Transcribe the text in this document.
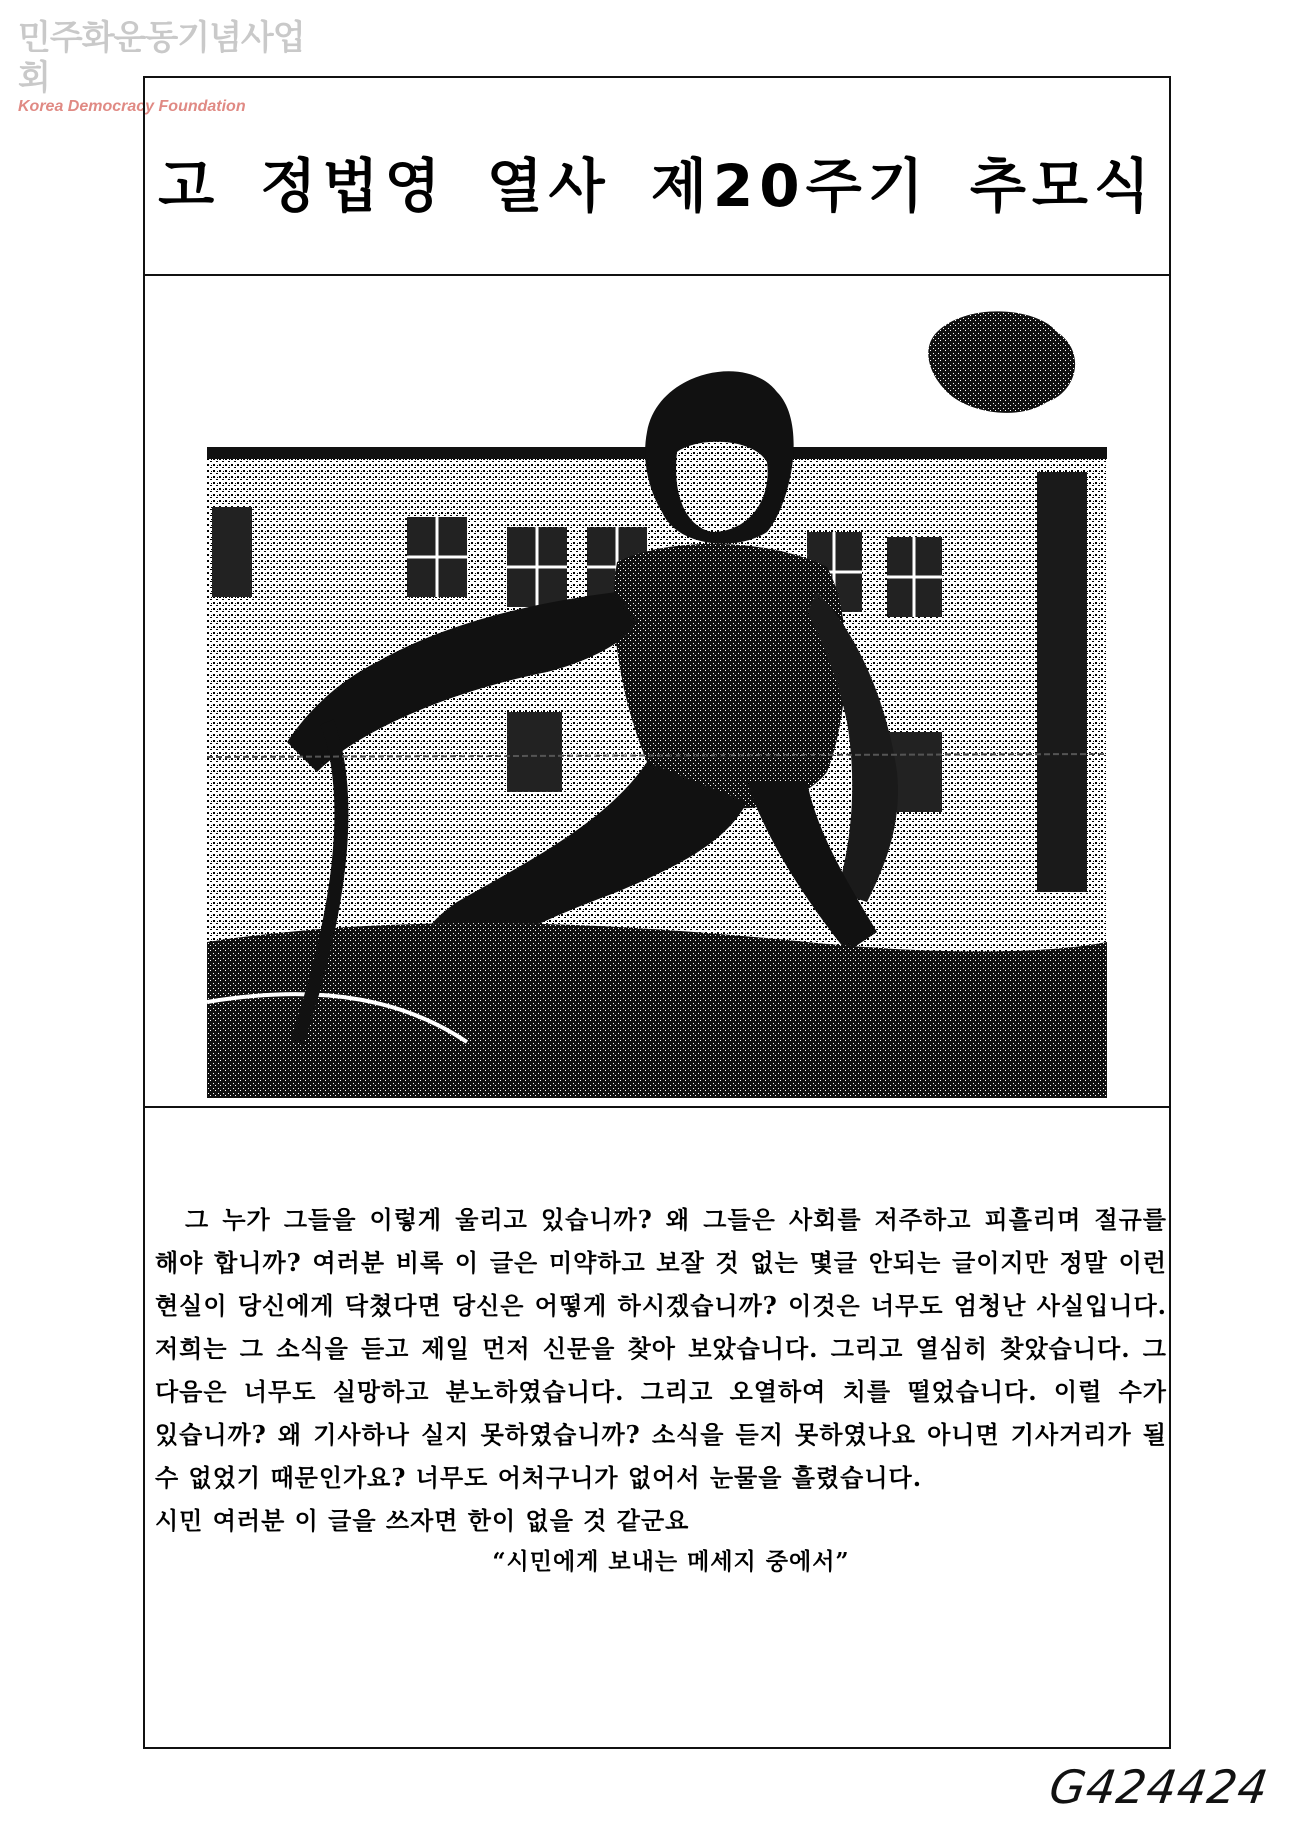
민주화운동기념사업회
Korea Democracy Foundation
고 정법영 열사 제20주기 추모식
그 누가 그들을 이렇게 울리고 있습니까? 왜 그들은 사회를 저주하고 피흘리며 절규를 해야 합니까? 여러분 비록 이 글은 미약하고 보잘 것 없는 몇글 안되는 글이지만 정말 이런 현실이 당신에게 닥쳤다면 당신은 어떻게 하시겠습니까? 이것은 너무도 엄청난 사실입니다. 저희는 그 소식을 듣고 제일 먼저 신문을 찾아 보았습니다. 그리고 열심히 찾았습니다. 그 다음은 너무도 실망하고 분노하였습니다. 그리고 오열하여 치를 떨었습니다. 이럴 수가 있습니까? 왜 기사하나 실지 못하였습니까? 소식을 듣지 못하였나요 아니면 기사거리가 될 수 없었기 때문인가요? 너무도 어처구니가 없어서 눈물을 흘렸습니다.
시민 여러분 이 글을 쓰자면 한이 없을 것 같군요
“시민에게 보내는 메세지 중에서”
G424424
